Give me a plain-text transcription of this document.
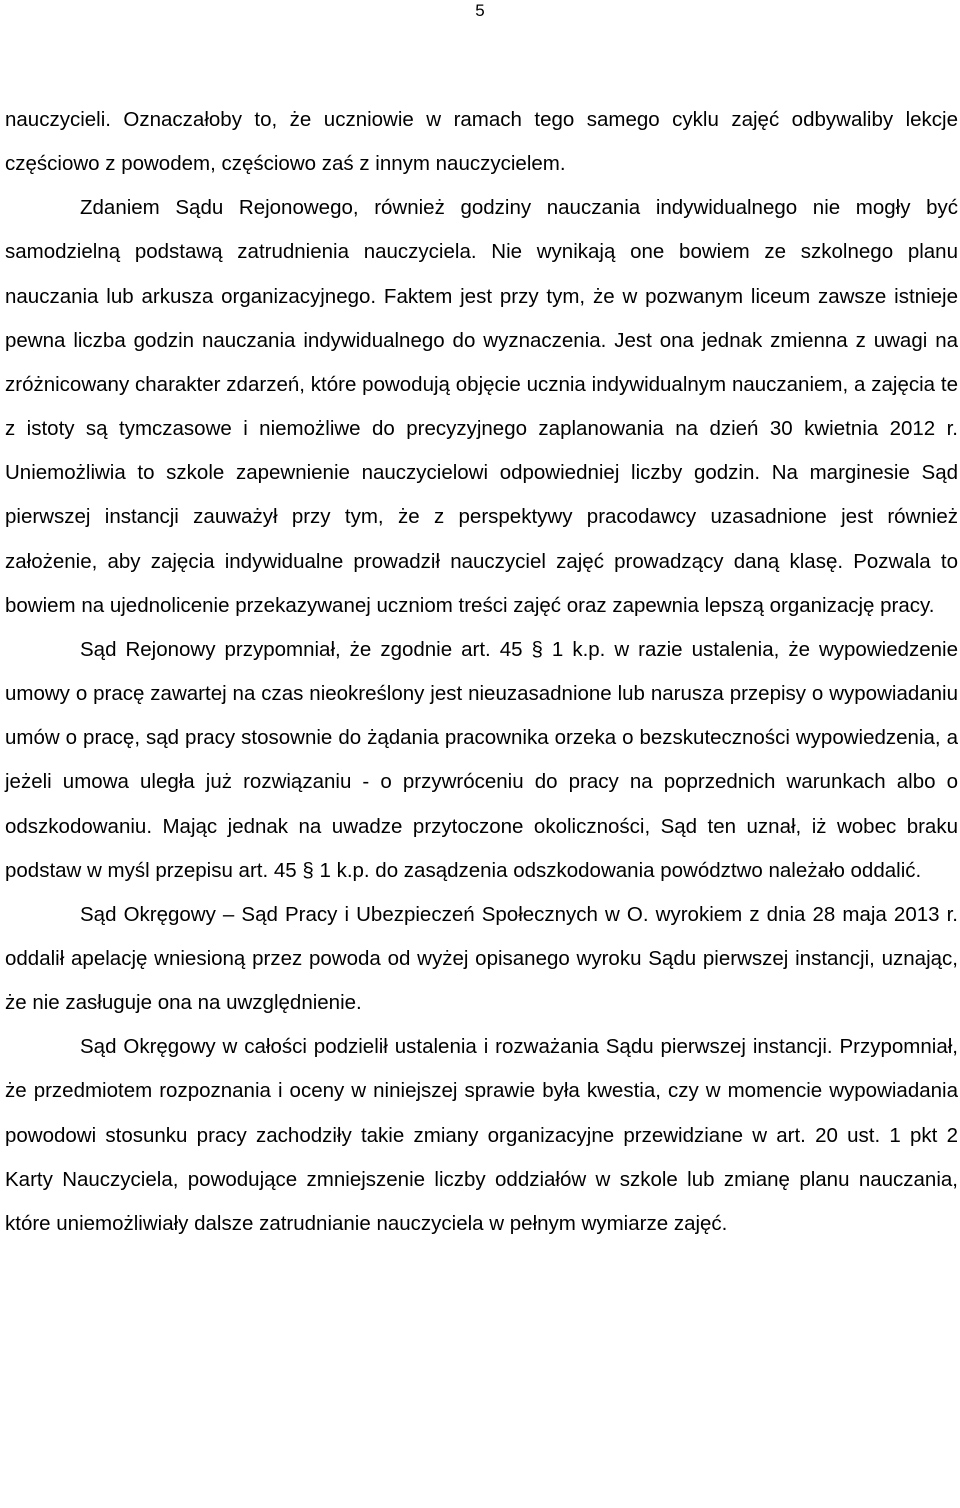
5

nauczycieli. Oznaczałoby to, że uczniowie w ramach tego samego cyklu zajęć odbywaliby lekcje częściowo z powodem, częściowo zaś z innym nauczycielem.

Zdaniem Sądu Rejonowego, również godziny nauczania indywidualnego nie mogły być samodzielną podstawą zatrudnienia nauczyciela. Nie wynikają one bowiem ze szkolnego planu nauczania lub arkusza organizacyjnego. Faktem jest przy tym, że w pozwanym liceum zawsze istnieje pewna liczba godzin nauczania indywidualnego do wyznaczenia. Jest ona jednak zmienna z uwagi na zróżnicowany charakter zdarzeń, które powodują objęcie ucznia indywidualnym nauczaniem, a zajęcia te z istoty są tymczasowe i niemożliwe do precyzyjnego zaplanowania na dzień 30 kwietnia 2012 r. Uniemożliwia to szkole zapewnienie nauczycielowi odpowiedniej liczby godzin. Na marginesie Sąd pierwszej instancji zauważył przy tym, że z perspektywy pracodawcy uzasadnione jest również założenie, aby zajęcia indywidualne prowadził nauczyciel zajęć prowadzący daną klasę. Pozwala to bowiem na ujednolicenie przekazywanej uczniom treści zajęć oraz zapewnia lepszą organizację pracy.

Sąd Rejonowy przypomniał, że zgodnie art. 45 § 1 k.p. w razie ustalenia, że wypowiedzenie umowy o pracę zawartej na czas nieokreślony jest nieuzasadnione lub narusza przepisy o wypowiadaniu umów o pracę, sąd pracy stosownie do żądania pracownika orzeka o bezskuteczności wypowiedzenia, a jeżeli umowa uległa już rozwiązaniu - o przywróceniu do pracy na poprzednich warunkach albo o odszkodowaniu. Mając jednak na uwadze przytoczone okoliczności, Sąd ten uznał, iż wobec braku podstaw w myśl przepisu art. 45 § 1 k.p. do zasądzenia odszkodowania powództwo należało oddalić.

Sąd Okręgowy – Sąd Pracy i Ubezpieczeń Społecznych w O. wyrokiem z dnia 28 maja 2013 r. oddalił apelację wniesioną przez powoda od wyżej opisanego wyroku Sądu pierwszej instancji, uznając, że nie zasługuje ona na uwzględnienie.

Sąd Okręgowy w całości podzielił ustalenia i rozważania Sądu pierwszej instancji. Przypomniał, że przedmiotem rozpoznania i oceny w niniejszej sprawie była kwestia, czy w momencie wypowiadania powodowi stosunku pracy zachodziły takie zmiany organizacyjne przewidziane w art. 20 ust. 1 pkt 2 Karty Nauczyciela, powodujące zmniejszenie liczby oddziałów w szkole lub zmianę planu nauczania, które uniemożliwiały dalsze zatrudnianie nauczyciela w pełnym wymiarze zajęć.
